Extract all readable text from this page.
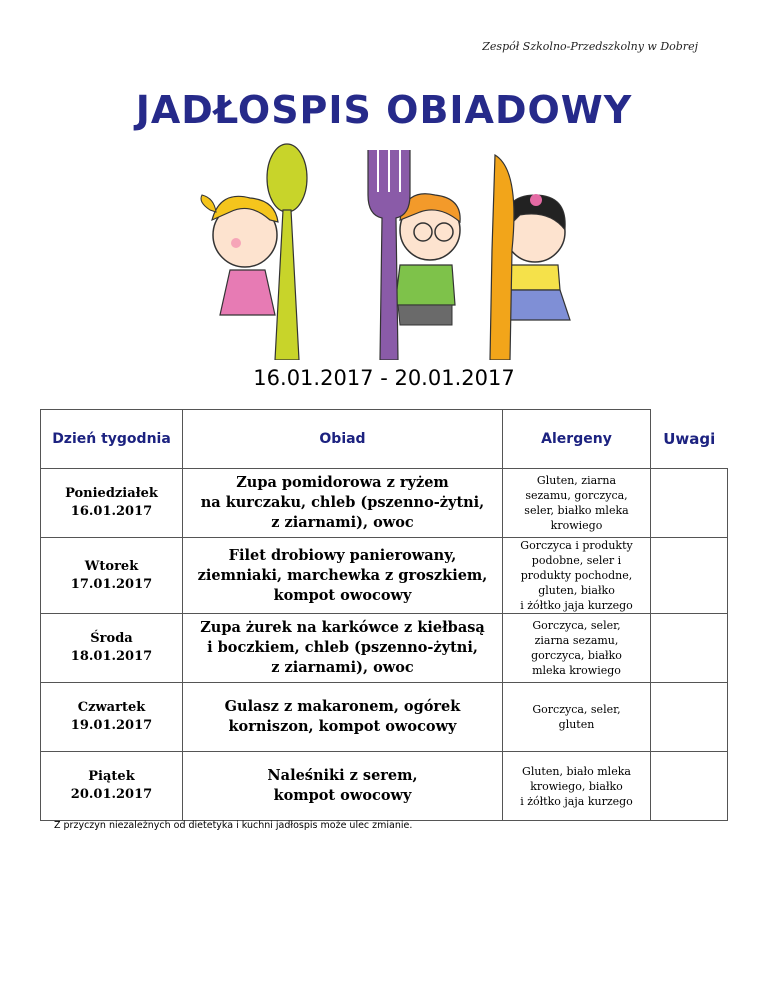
Zespół Szkolno-Przedszkolny w Dobrej
JADŁOSPIS OBIADOWY
16.01.2017 - 20.01.2017
Dzień tygodnia	Obiad	Alergeny	Uwagi

Poniedziałek
16.01.2017	Zupa pomidorowa z ryżem
na kurczaku, chleb (pszenno-żytni,
z ziarnami), owoc	Gluten, ziarna
sezamu, gorczyca,
seler, białko mleka
krowiego	

Wtorek
17.01.2017	Filet drobiowy panierowany,
ziemniaki, marchewka z groszkiem,
kompot owocowy	Gorczyca i produkty
podobne, seler i
produkty pochodne,
gluten, białko
i żółtko jaja kurzego	

Środa
18.01.2017	Zupa żurek na karkówce z kiełbasą
i boczkiem, chleb (pszenno-żytni,
z ziarnami), owoc	Gorczyca, seler,
ziarna sezamu,
gorczyca, białko
mleka krowiego	

Czwartek
19.01.2017	Gulasz z makaronem, ogórek
korniszon, kompot owocowy	Gorczyca, seler,
gluten	

Piątek
20.01.2017	Naleśniki z serem,
kompot owocowy	Gluten, biało mleka
krowiego, białko
i żółtko jaja kurzego	

Z przyczyn niezależnych od dietetyka i kuchni jadłospis może ulec zmianie.
